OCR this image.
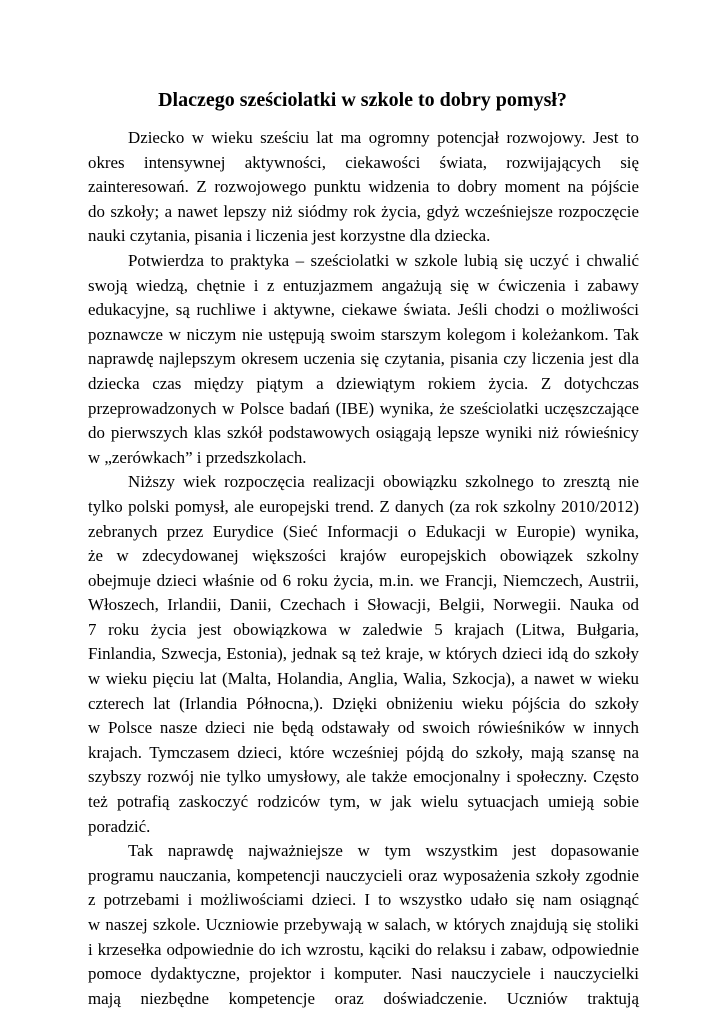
Dlaczego sześciolatki w szkole to dobry pomysł?
Dziecko w wieku sześciu lat ma ogromny potencjał rozwojowy. Jest to
okres intensywnej aktywności, ciekawości świata, rozwijających się
zainteresowań. Z rozwojowego punktu widzenia to dobry moment na pójście
do szkoły; a nawet lepszy niż siódmy rok życia, gdyż wcześniejsze rozpoczęcie
nauki czytania, pisania i liczenia jest korzystne dla dziecka.
Potwierdza to praktyka – sześciolatki w szkole lubią się uczyć i chwalić
swoją wiedzą, chętnie i z entuzjazmem angażują się w ćwiczenia i zabawy
edukacyjne, są ruchliwe i aktywne, ciekawe świata. Jeśli chodzi o możliwości
poznawcze w niczym nie ustępują swoim starszym kolegom i koleżankom. Tak
naprawdę najlepszym okresem uczenia się czytania, pisania czy liczenia jest dla
dziecka czas między piątym a dziewiątym rokiem życia. Z dotychczas
przeprowadzonych w Polsce badań (IBE) wynika, że sześciolatki uczęszczające
do pierwszych klas szkół podstawowych osiągają lepsze wyniki niż rówieśnicy
w „zerówkach” i przedszkolach.
Niższy wiek rozpoczęcia realizacji obowiązku szkolnego to zresztą nie
tylko polski pomysł, ale europejski trend. Z danych (za rok szkolny 2010/2012)
zebranych przez Eurydice (Sieć Informacji o Edukacji w Europie) wynika,
że w zdecydowanej większości krajów europejskich obowiązek szkolny
obejmuje dzieci właśnie od 6 roku życia, m.in. we Francji, Niemczech, Austrii,
Włoszech, Irlandii, Danii, Czechach i Słowacji, Belgii, Norwegii. Nauka od
7 roku życia jest obowiązkowa w zaledwie 5 krajach (Litwa, Bułgaria,
Finlandia, Szwecja, Estonia), jednak są też kraje, w których dzieci idą do szkoły
w wieku pięciu lat (Malta, Holandia, Anglia, Walia, Szkocja), a nawet w wieku
czterech lat (Irlandia Północna,). Dzięki obniżeniu wieku pójścia do szkoły
w Polsce nasze dzieci nie będą odstawały od swoich rówieśników w innych
krajach. Tymczasem dzieci, które wcześniej pójdą do szkoły, mają szansę na
szybszy rozwój nie tylko umysłowy, ale także emocjonalny i społeczny. Często
też potrafią zaskoczyć rodziców tym, w jak wielu sytuacjach umieją sobie
poradzić.
Tak naprawdę najważniejsze w tym wszystkim jest dopasowanie
programu nauczania, kompetencji nauczycieli oraz wyposażenia szkoły zgodnie
z potrzebami i możliwościami dzieci. I to wszystko udało się nam osiągnąć
w naszej szkole. Uczniowie przebywają w salach, w których znajdują się stoliki
i krzesełka odpowiednie do ich wzrostu, kąciki do relaksu i zabaw, odpowiednie
pomoce dydaktyczne, projektor i komputer. Nasi nauczyciele i nauczycielki
mają niezbędne kompetencje oraz doświadczenie. Uczniów traktują
